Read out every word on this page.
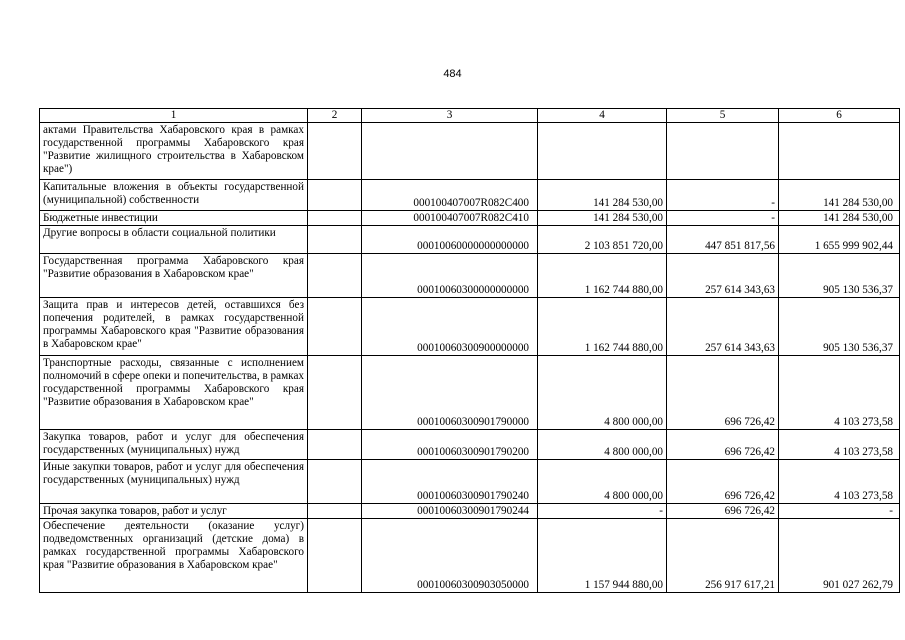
484
1	2	3	4	5	6
актами Правительства Хабаровского края в рамках государственной программы Хабаровского края "Развитие жилищного строительства в Хабаровском крае")					
Капитальные вложения в объекты государственной (муниципальной) собственности		000100407007R082C400	141 284 530,00	-	141 284 530,00
Бюджетные инвестиции		000100407007R082C410	141 284 530,00	-	141 284 530,00
Другие вопросы в области социальной политики		00010060000000000000	2 103 851 720,00	447 851 817,56	1 655 999 902,44
Государственная программа Хабаровского края "Развитие образования в Хабаровском крае"		00010060300000000000	1 162 744 880,00	257 614 343,63	905 130 536,37
Защита прав и интересов детей, оставшихся без попечения родителей, в рамках государственной программы Хабаровского края "Развитие образования в Хабаровском крае"		00010060300900000000	1 162 744 880,00	257 614 343,63	905 130 536,37
Транспортные расходы, связанные с исполнением полномочий в сфере опеки и попечительства, в рамках государственной программы Хабаровского края "Развитие образования в Хабаровском крае"		00010060300901790000	4 800 000,00	696 726,42	4 103 273,58
Закупка товаров, работ и услуг для обеспечения государственных (муниципальных) нужд		00010060300901790200	4 800 000,00	696 726,42	4 103 273,58
Иные закупки товаров, работ и услуг для обеспечения государственных (муниципальных) нужд		00010060300901790240	4 800 000,00	696 726,42	4 103 273,58
Прочая закупка товаров, работ и услуг		00010060300901790244	-	696 726,42	-
Обеспечение деятельности (оказание услуг) подведомственных организаций (детские дома) в рамках государственной программы Хабаровского края "Развитие образования в Хабаровском крае"		00010060300903050000	1 157 944 880,00	256 917 617,21	901 027 262,79
